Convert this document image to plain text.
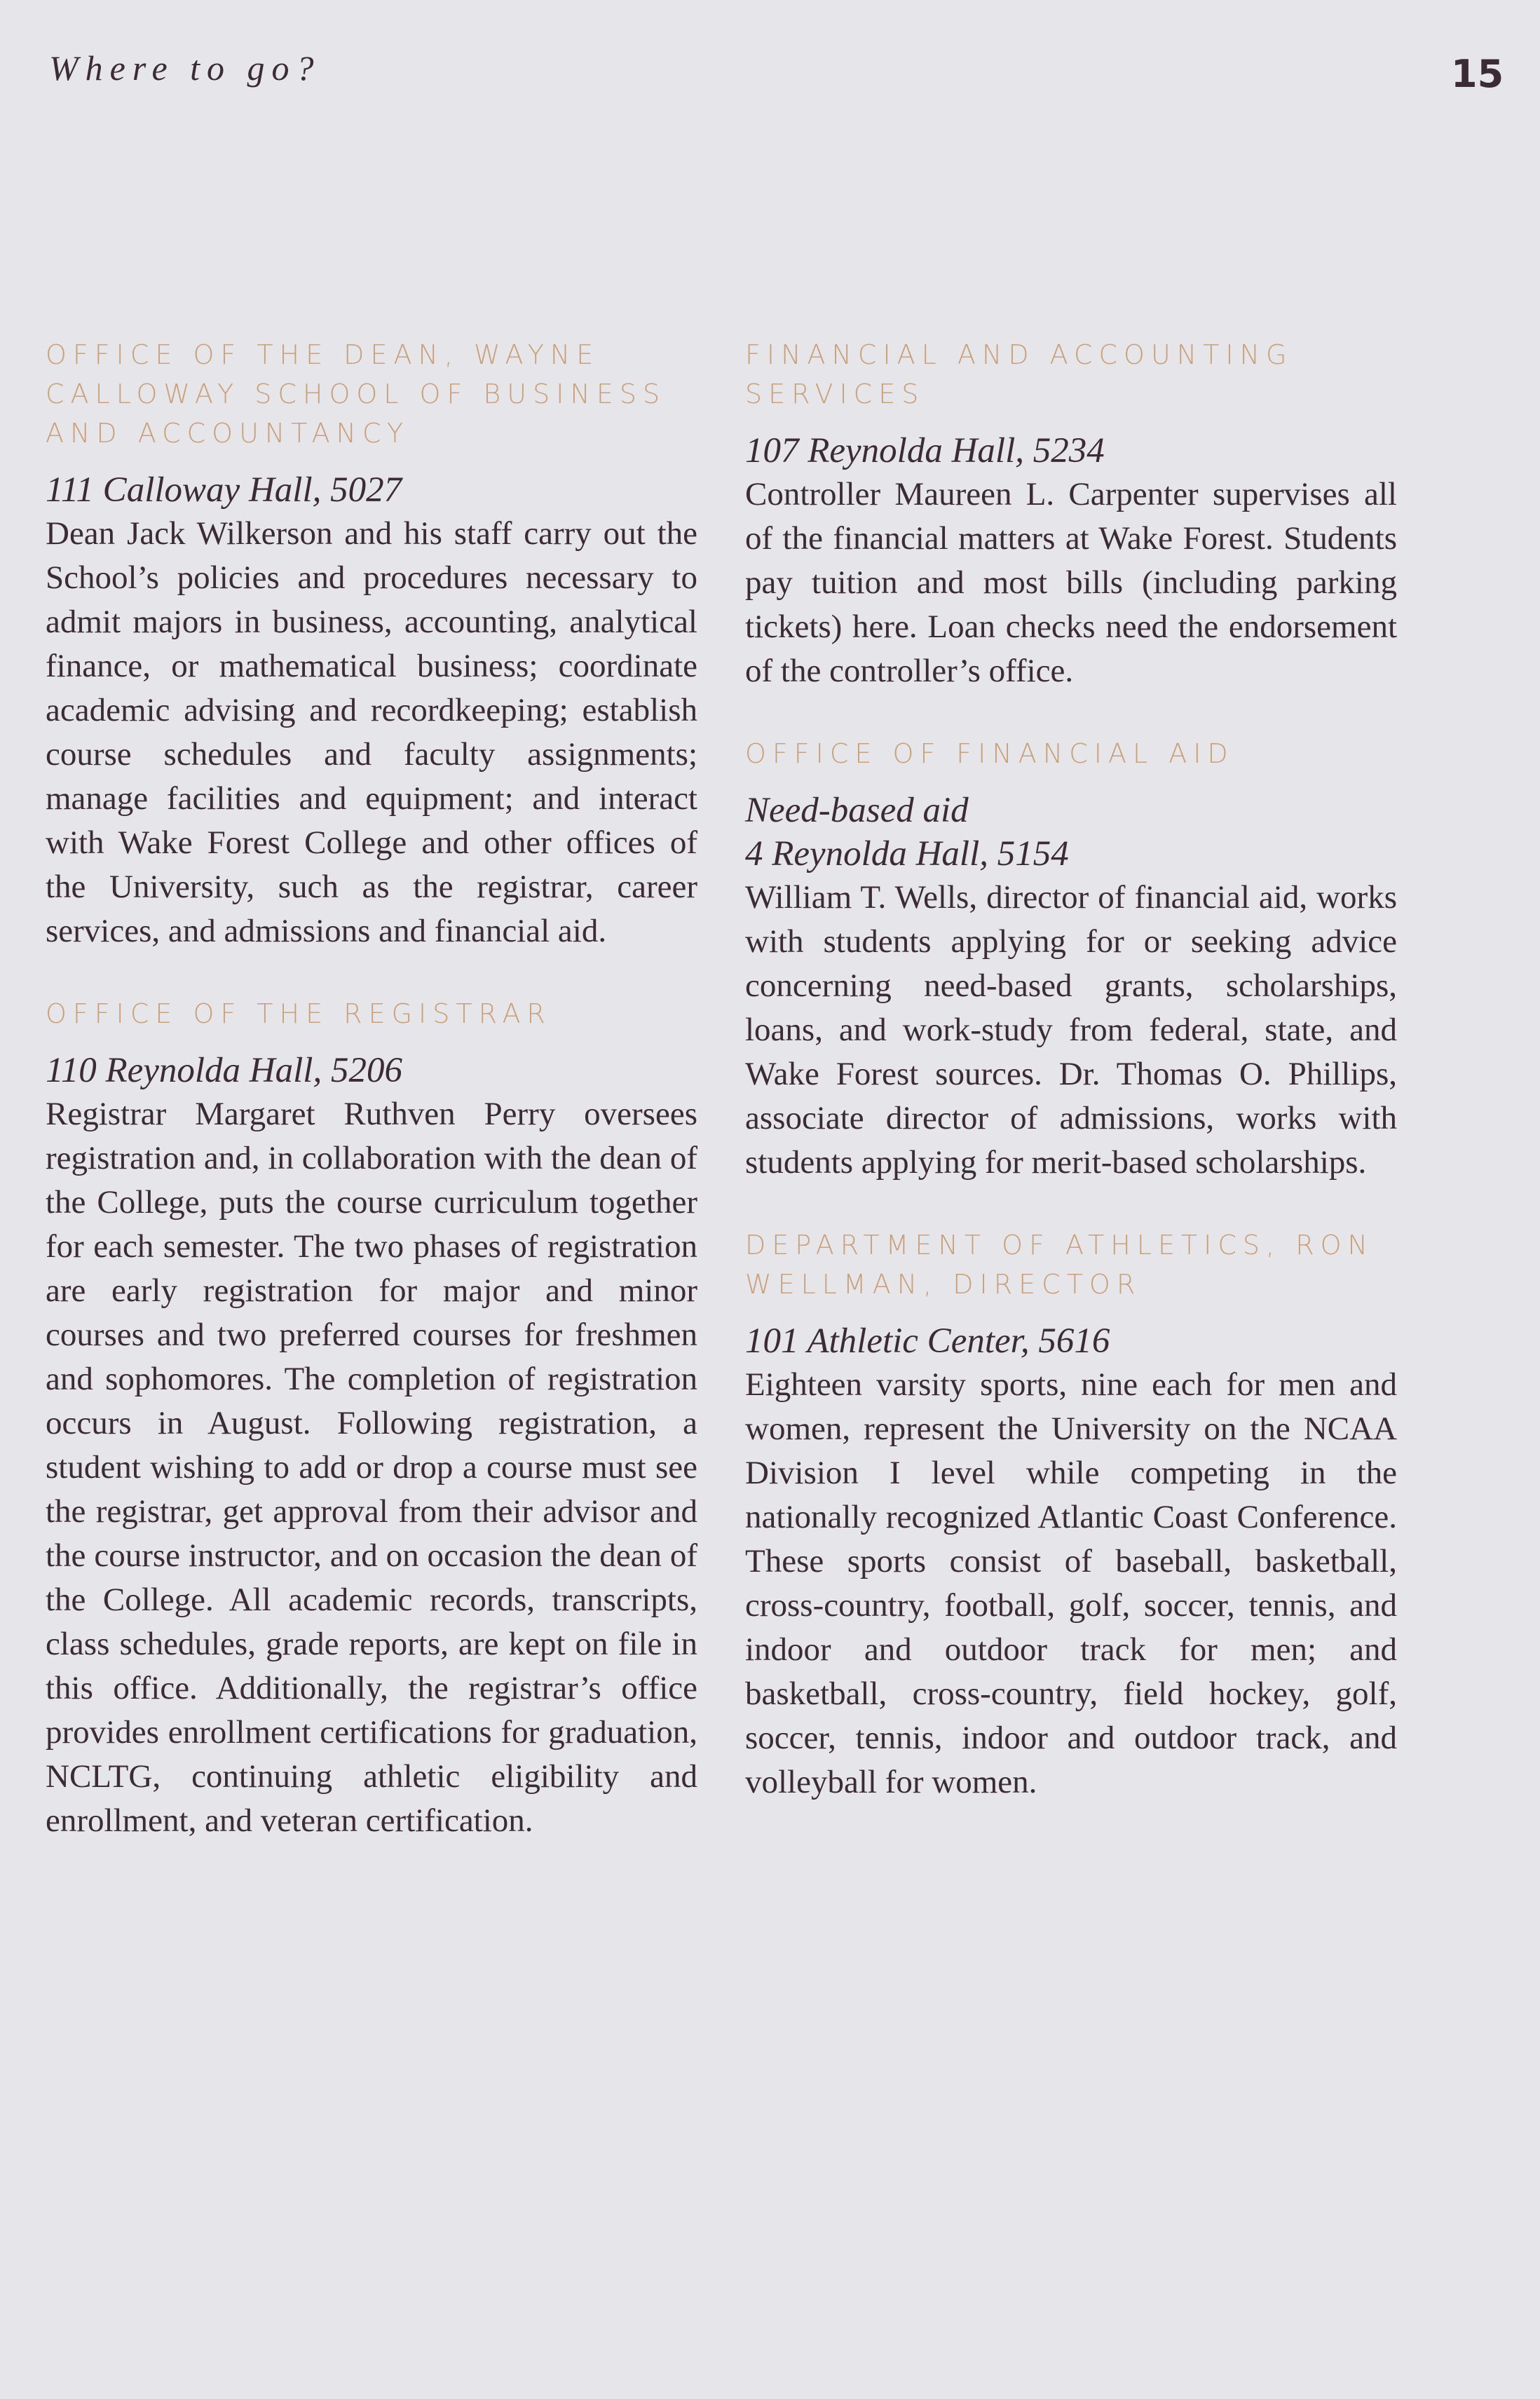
Where to go?	15
OFFICE OF THE DEAN, WAYNE CALLOWAY SCHOOL OF BUSINESS AND ACCOUNTANCY

111 Calloway Hall, 5027

Dean Jack Wilkerson and his staff carry out the School’s policies and procedures necessary to admit majors in business, accounting, analytical finance, or mathematical business; coordinate academic advising and recordkeeping; establish course schedules and faculty assignments; manage facilities and equipment; and interact with Wake Forest College and other offices of the University, such as the registrar, career services, and admissions and financial aid.

OFFICE OF THE REGISTRAR

110 Reynolda Hall, 5206

Registrar Margaret Ruthven Perry oversees registration and, in collaboration with the dean of the College, puts the course curriculum together for each semester. The two phases of registration are early registration for major and minor courses and two preferred courses for freshmen and sophomores. The completion of registration occurs in August. Following registration, a student wishing to add or drop a course must see the registrar, get approval from their advisor and the course instructor, and on occasion the dean of the College. All academic records, transcripts, class schedules, grade reports, are kept on file in this office. Additionally, the registrar’s office provides enrollment certifications for graduation, NCLTG, continuing athletic eligibility and enrollment, and veteran certification.

FINANCIAL AND ACCOUNTING SERVICES

107 Reynolda Hall, 5234

Controller Maureen L. Carpenter supervises all of the financial matters at Wake Forest. Students pay tuition and most bills (including parking tickets) here. Loan checks need the endorsement of the controller’s office.

OFFICE OF FINANCIAL AID

Need-based aid

4 Reynolda Hall, 5154

William T. Wells, director of financial aid, works with students applying for or seeking advice concerning need-based grants, scholarships, loans, and work-study from federal, state, and Wake Forest sources. Dr. Thomas O. Phillips, associate director of admissions, works with students applying for merit-based scholarships.

DEPARTMENT OF ATHLETICS, RON WELLMAN, DIRECTOR

101 Athletic Center, 5616

Eighteen varsity sports, nine each for men and women, represent the University on the NCAA Division I level while competing in the nationally recognized Atlantic Coast Conference. These sports consist of baseball, basketball, cross-country, football, golf, soccer, tennis, and indoor and outdoor track for men; and basketball, cross-country, field hockey, golf, soccer, tennis, indoor and outdoor track, and volleyball for women.
